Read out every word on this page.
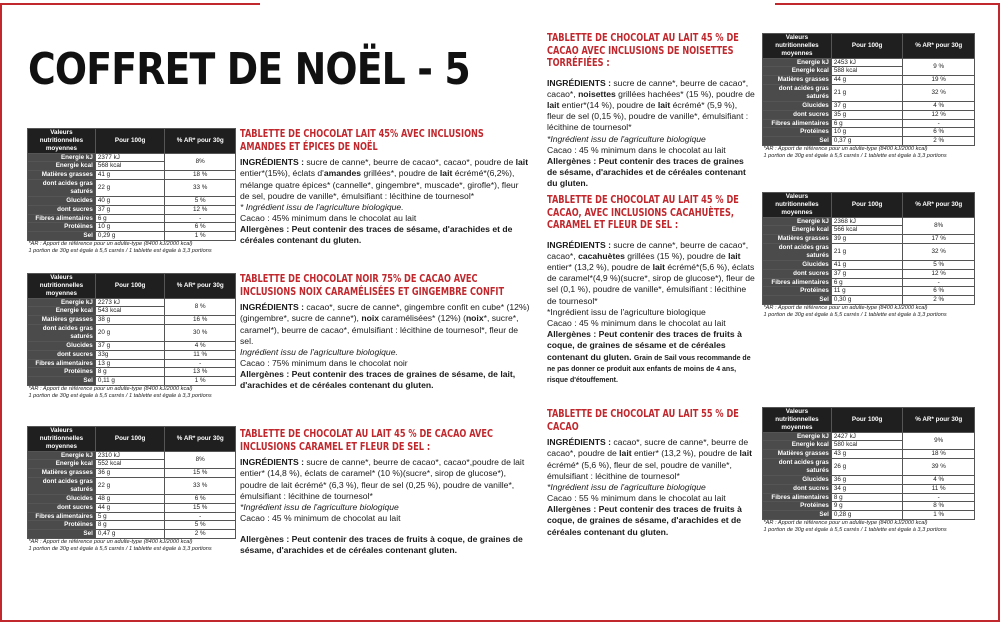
COFFRET DE NOËL - 5
Valeurs nutritionnelles moyennes	Pour 100g	% AR* pour 30g
Energie kJ	2377 kJ	8%
Energie kcal	568 kcal	
Matières grasses	41 g	18 %
dont acides gras saturés	22 g	33 %
Glucides	40 g	5 %
dont sucres	37 g	12 %
Fibres alimentaires	6 g	-
Protéines	10 g	6 %
Sel	0,29 g	1 %
*AR : Apport de référence pour un adulte-type (8400 kJ/2000 kcal)
1 portion de 30g est égale à 5,5 carrés / 1 tablette est égale à 3,3 portions		
Valeurs nutritionnelles moyennes	Pour 100g	% AR* pour 30g
Energie kJ	2273 kJ	8 %
Energie kcal	543 kcal	
Matières grasses	38 g	16 %
dont acides gras saturés	20 g	30 %
Glucides	37 g	4 %
dont sucres	33g	11 %
Fibres alimentaires	13 g	-
Protéines	8 g	13 %
Sel	0,11 g	1 %
*AR : Apport de référence pour un adulte-type (8400 kJ/2000 kcal)
1 portion de 30g est égale à 5,5 carrés / 1 tablette est égale à 3,3 portions		
Valeurs nutritionnelles moyennes	Pour 100g	% AR* pour 30g
Energie kJ	2310 kJ	8%
Energie kcal	552 kcal	
Matières grasses	36 g	15 %
dont acides gras saturés	22 g	33 %
Glucides	48 g	6 %
dont sucres	44 g	15 %
Fibres alimentaires	5 g	-
Protéines	8 g	5 %
Sel	0,47 g	2 %
*AR : Apport de référence pour un adulte-type (8400 kJ/2000 kcal)
1 portion de 30g est égale à 5,5 carrés / 1 tablette est égale à 3,3 portions		
Valeurs nutritionnelles moyennes	Pour 100g	% AR* pour 30g
Energie kJ	2453 kJ	9 %
Energie kcal	588 kcal	
Matières grasses	44 g	19 %
dont acides gras saturés	21 g	32 %
Glucides	37 g	4 %
dont sucres	35 g	12 %
Fibres alimentaires	6 g	-
Protéines	10 g	6 %
Sel	0,37 g	2 %
*AR : Apport de référence pour un adulte-type (8400 kJ/2000 kcal)
1 portion de 30g est égale à 5,5 carrés / 1 tablette est égale à 3,3 portions		
Valeurs nutritionnelles moyennes	Pour 100g	% AR* pour 30g
Energie kJ	2368 kJ	8%
Energie kcal	566 kcal	
Matières grasses	39 g	17 %
dont acides gras saturés	21 g	32 %
Glucides	41 g	5 %
dont sucres	37 g	12 %
Fibres alimentaires	6 g	-
Protéines	11 g	6 %
Sel	0,30 g	2 %
*AR : Apport de référence pour un adulte-type (8400 kJ/2000 kcal)
1 portion de 30g est égale à 5,5 carrés / 1 tablette est égale à 3,3 portions		
Valeurs nutritionnelles moyennes	Pour 100g	% AR* pour 30g
Energie kJ	2427 kJ	9%
Energie kcal	580 kcal	
Matières grasses	43 g	18 %
dont acides gras saturés	26 g	39 %
Glucides	36 g	4 %
dont sucres	34 g	11 %
Fibres alimentaires	8 g	-
Protéines	9 g	8 %
Sel	0,28 g	1 %
*AR : Apport de référence pour un adulte-type (8400 kJ/2000 kcal)
1 portion de 30g est égale à 5,5 carrés / 1 tablette est égale à 3,3 portions		
TABLETTE DE CHOCOLAT LAIT 45% AVEC INCLUSIONS AMANDES ET ÉPICES DE NOËL

INGRÉDIENTS : sucre de canne*, beurre de cacao*, cacao*, poudre de lait entier*(15%), éclats d'amandes grillées*, poudre de lait écrémé*(6,2%), mélange quatre épices* (cannelle*, gingembre*, muscade*, girofle*), fleur de sel, poudre de vanille*, émulsifiant : lécithine de tournesol*

* Ingrédient issu de l'agriculture biologique.

Cacao : 45% minimum dans le chocolat au lait

Allergènes : Peut contenir des traces de sésame, d'arachides et de céréales contenant du gluten.

TABLETTE DE CHOCOLAT NOIR 75% DE CACAO AVEC INCLUSIONS NOIX CARAMÉLISÉES ET GINGEMBRE CONFIT

INGRÉDIENTS : cacao*, sucre de canne*, gingembre confit en cube* (12%) (gingembre*, sucre de canne*), noix caramélisées* (12%) (noix*, sucre*, caramel*), beurre de cacao*, émulsifiant : lécithine de tournesol*, fleur de sel.

Ingrédient issu de l'agriculture biologique.

Cacao : 75% minimum dans le chocolat noir

Allergènes : Peut contenir des traces de graines de sésame, de lait, d'arachides et de céréales contenant du gluten.

TABLETTE DE CHOCOLAT AU LAIT 45 % DE CACAO AVEC INCLUSIONS CARAMEL ET FLEUR DE SEL :

INGRÉDIENTS : sucre de canne*, beurre de cacao*, cacao*,poudre de lait entier* (14,8 %), éclats de caramel* (10 %)(sucre*, sirop de glucose*), poudre de lait écrémé* (6,3 %), fleur de sel (0,25 %), poudre de vanille*, émulsifiant : lécithine de tournesol*

*Ingrédient issu de l'agriculture biologique

Cacao : 45 % minimum de chocolat au lait

Allergènes : Peut contenir des traces de fruits à coque, de graines de sésame, d'arachides et de céréales contenant gluten.

TABLETTE DE CHOCOLAT AU LAIT 45 % DE CACAO AVEC INCLUSIONS DE NOISETTES TORRÉFIÉES :

INGRÉDIENTS : sucre de canne*, beurre de cacao*, cacao*, noisettes grillées hachées* (15 %), poudre de lait entier*(14 %), poudre de lait écrémé* (5,9 %), fleur de sel (0,15 %), poudre de vanille*, émulsifiant : lécithine de tournesol*

*Ingrédient issu de l'agriculture biologique

Cacao : 45 % minimum dans le chocolat au lait

Allergènes : Peut contenir des traces de graines de sésame, d'arachides et de céréales contenant du gluten.

TABLETTE DE CHOCOLAT AU LAIT 45 % DE CACAO, AVEC INCLUSIONS CACAHUÈTES, CARAMEL ET FLEUR DE SEL :

INGRÉDIENTS : sucre de canne*, beurre de cacao*, cacao*, cacahuètes grillées (15 %), poudre de lait entier* (13,2 %), poudre de lait écrémé*(5,6 %), éclats de caramel*(4,9 %)(sucre*, sirop de glucose*), fleur de sel (0,1 %), poudre de vanille*, émulsifiant : lécithine de tournesol*

*Ingrédient issu de l'agriculture biologique

Cacao : 45 % minimum dans le chocolat au lait

Allergènes : Peut contenir des traces de fruits à coque, de graines de sésame et de céréales contenant du gluten. Grain de Sail vous recommande de ne pas donner ce produit aux enfants de moins de 4 ans, risque d'étouffement.

TABLETTE DE CHOCOLAT AU LAIT 55 % DE CACAO

INGRÉDIENTS : cacao*, sucre de canne*, beurre de cacao*, poudre de lait entier* (13,2 %), poudre de lait écrémé* (5,6 %), fleur de sel, poudre de vanille*, émulsifiant : lécithine de tournesol*

*Ingrédient issu de l'agriculture biologique

Cacao : 55 % minimum dans le chocolat au lait

Allergènes : Peut contenir des traces de fruits à coque, de graines de sésame, d'arachides et de céréales contenant du gluten.
